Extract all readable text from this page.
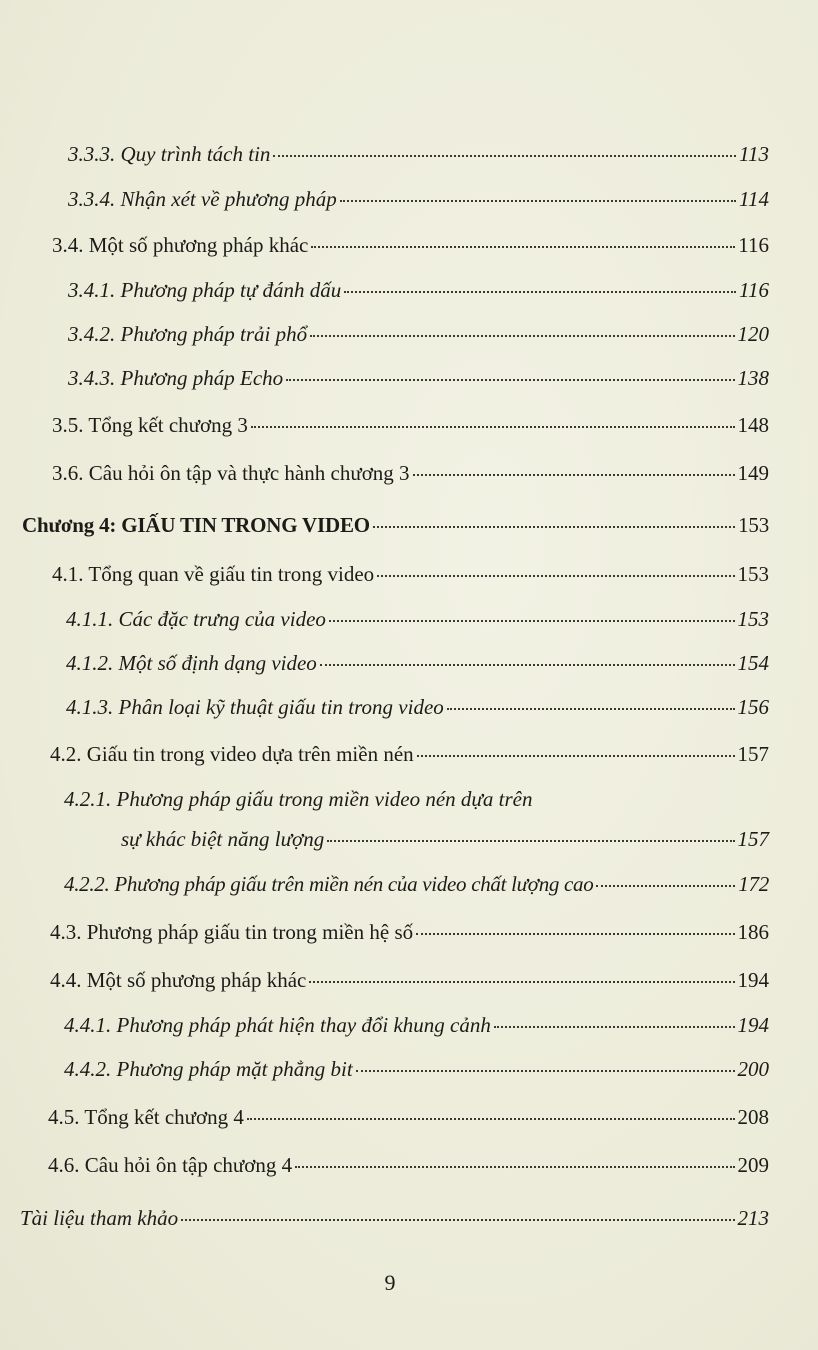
3.3.3. Quy trình tách tin	113
3.3.4. Nhận xét về phương pháp	114
3.4. Một số phương pháp khác	116
3.4.1. Phương pháp tự đánh dấu	116
3.4.2. Phương pháp trải phổ	120
3.4.3. Phương pháp Echo	138
3.5. Tổng kết chương 3	148
3.6. Câu hỏi ôn tập và thực hành chương 3	149
Chương 4: GIẤU TIN TRONG VIDEO	153
4.1. Tổng quan về giấu tin trong video	153
4.1.1. Các đặc trưng của video	153
4.1.2. Một số định dạng video	154
4.1.3. Phân loại kỹ thuật giấu tin trong video	156
4.2. Giấu tin trong video dựa trên miền nén	157
4.2.1. Phương pháp giấu trong miền video nén dựa trên
sự khác biệt năng lượng	157
4.2.2. Phương pháp giấu trên miền nén của video chất lượng cao	172
4.3. Phương pháp giấu tin trong miền hệ số	186
4.4. Một số phương pháp khác	194
4.4.1. Phương pháp phát hiện thay đổi khung cảnh	194
4.4.2. Phương pháp mặt phẳng bit	200
4.5. Tổng kết chương 4	208
4.6. Câu hỏi ôn tập chương 4	209
Tài liệu tham khảo	213
9
